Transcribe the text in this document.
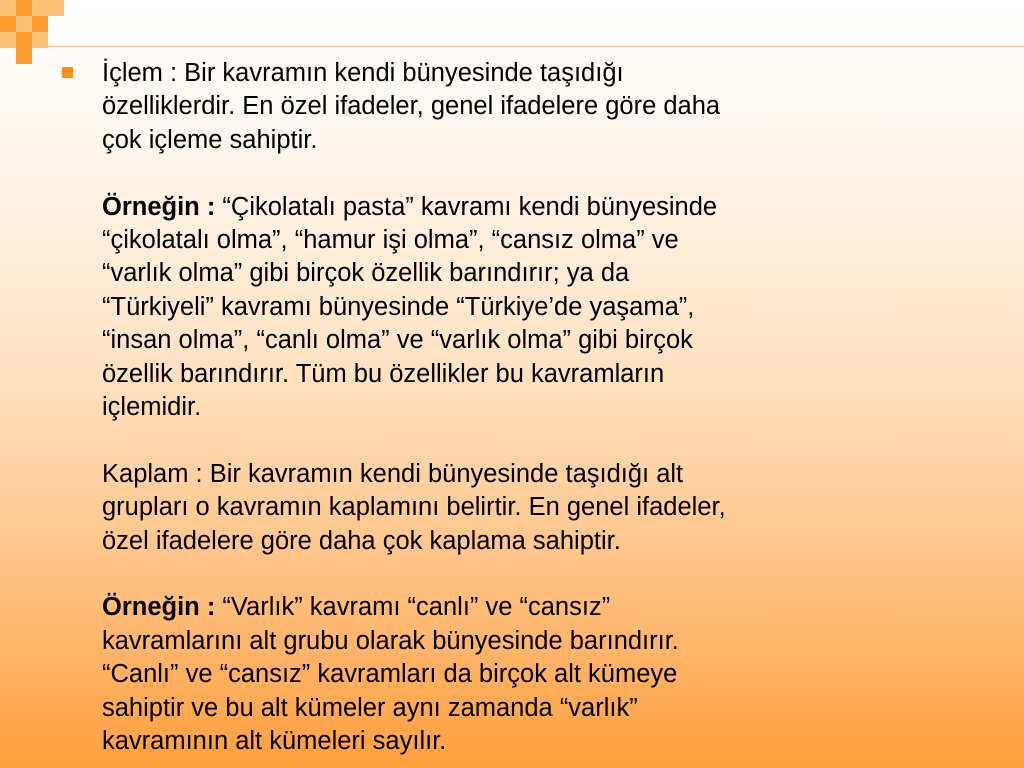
İçlem : Bir kavramın kendi bünyesinde taşıdığı
özelliklerdir. En özel ifadeler, genel ifadelere göre daha
çok içleme sahiptir.

Örneğin : “Çikolatalı pasta” kavramı kendi bünyesinde
“çikolatalı olma”, “hamur işi olma”, “cansız olma” ve
“varlık olma” gibi birçok özellik barındırır; ya da
“Türkiyeli” kavramı bünyesinde “Türkiye’de yaşama”,
“insan olma”, “canlı olma” ve “varlık olma” gibi birçok
özellik barındırır. Tüm bu özellikler bu kavramların
içlemidir.

Kaplam : Bir kavramın kendi bünyesinde taşıdığı alt
grupları o kavramın kaplamını belirtir. En genel ifadeler,
özel ifadelere göre daha çok kaplama sahiptir.

Örneğin : “Varlık” kavramı “canlı” ve “cansız”
kavramlarını alt grubu olarak bünyesinde barındırır.
“Canlı” ve “cansız” kavramları da birçok alt kümeye
sahiptir ve bu alt kümeler aynı zamanda “varlık”
kavramının alt kümeleri sayılır.
